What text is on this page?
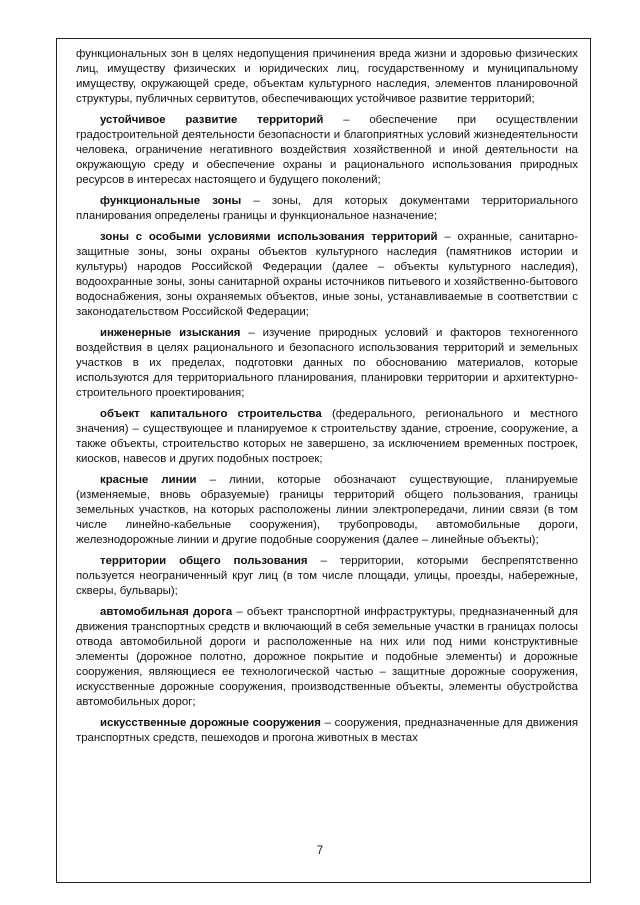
функциональных зон в целях недопущения причинения вреда жизни и здоровью физических лиц, имуществу физических и юридических лиц, государственному и муниципальному имуществу, окружающей среде, объектам культурного наследия, элементов планировочной структуры, публичных сервитутов, обеспечивающих устойчивое развитие территорий;

устойчивое развитие территорий – обеспечение при осуществлении градостроительной деятельности безопасности и благоприятных условий жизнедеятельности человека, ограничение негативного воздействия хозяйственной и иной деятельности на окружающую среду и обеспечение охраны и рационального использования природных ресурсов в интересах настоящего и будущего поколений;

функциональные зоны – зоны, для которых документами территориального планирования определены границы и функциональное назначение;

зоны с особыми условиями использования территорий – охранные, санитарно-защитные зоны, зоны охраны объектов культурного наследия (памятников истории и культуры) народов Российской Федерации (далее – объекты культурного наследия), водоохранные зоны, зоны санитарной охраны источников питьевого и хозяйственно-бытового водоснабжения, зоны охраняемых объектов, иные зоны, устанавливаемые в соответствии с законодательством Российской Федерации;

инженерные изыскания – изучение природных условий и факторов техногенного воздействия в целях рационального и безопасного использования территорий и земельных участков в их пределах, подготовки данных по обоснованию материалов, которые используются для территориального планирования, планировки территории и архитектурно-строительного проектирования;

объект капитального строительства (федерального, регионального и местного значения) – существующее и планируемое к строительству здание, строение, сооружение, а также объекты, строительство которых не завершено, за исключением временных построек, киосков, навесов и других подобных построек;

красные линии – линии, которые обозначают существующие, планируемые (изменяемые, вновь образуемые) границы территорий общего пользования, границы земельных участков, на которых расположены линии электропередачи, линии связи (в том числе линейно-кабельные сооружения), трубопроводы, автомобильные дороги, железнодорожные линии и другие подобные сооружения (далее – линейные объекты);

территории общего пользования – территории, которыми беспрепятственно пользуется неограниченный круг лиц (в том числе площади, улицы, проезды, набережные, скверы, бульвары);

автомобильная дорога – объект транспортной инфраструктуры, предназначенный для движения транспортных средств и включающий в себя земельные участки в границах полосы отвода автомобильной дороги и расположенные на них или под ними конструктивные элементы (дорожное полотно, дорожное покрытие и подобные элементы) и дорожные сооружения, являющиеся ее технологической частью – защитные дорожные сооружения, искусственные дорожные сооружения, производственные объекты, элементы обустройства автомобильных дорог;

искусственные дорожные сооружения – сооружения, предназначенные для движения транспортных средств, пешеходов и прогона животных в местах

7
